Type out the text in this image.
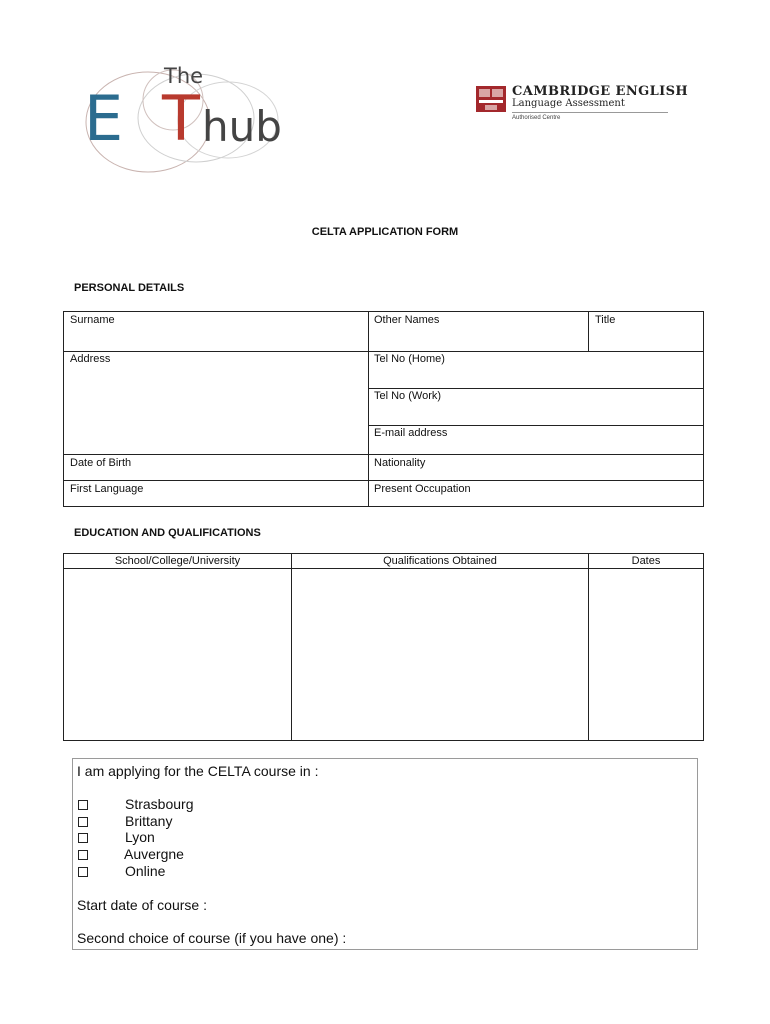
The
E T hub
CAMBRIDGE ENGLISH
Language Assessment
Authorised Centre
CELTA APPLICATION FORM
PERSONAL DETAILS
Surname	Other Names	Title
Address	Tel No (Home)
Tel No (Work)
E-mail address
Date of Birth	Nationality
First Language	Present Occupation
EDUCATION AND QUALIFICATIONS
School/College/University	Qualifications Obtained	Dates
I am applying for the CELTA course in :
Strasbourg
Brittany
Lyon
Auvergne
Online
Start date of course :
Second choice of course (if you have one) :
